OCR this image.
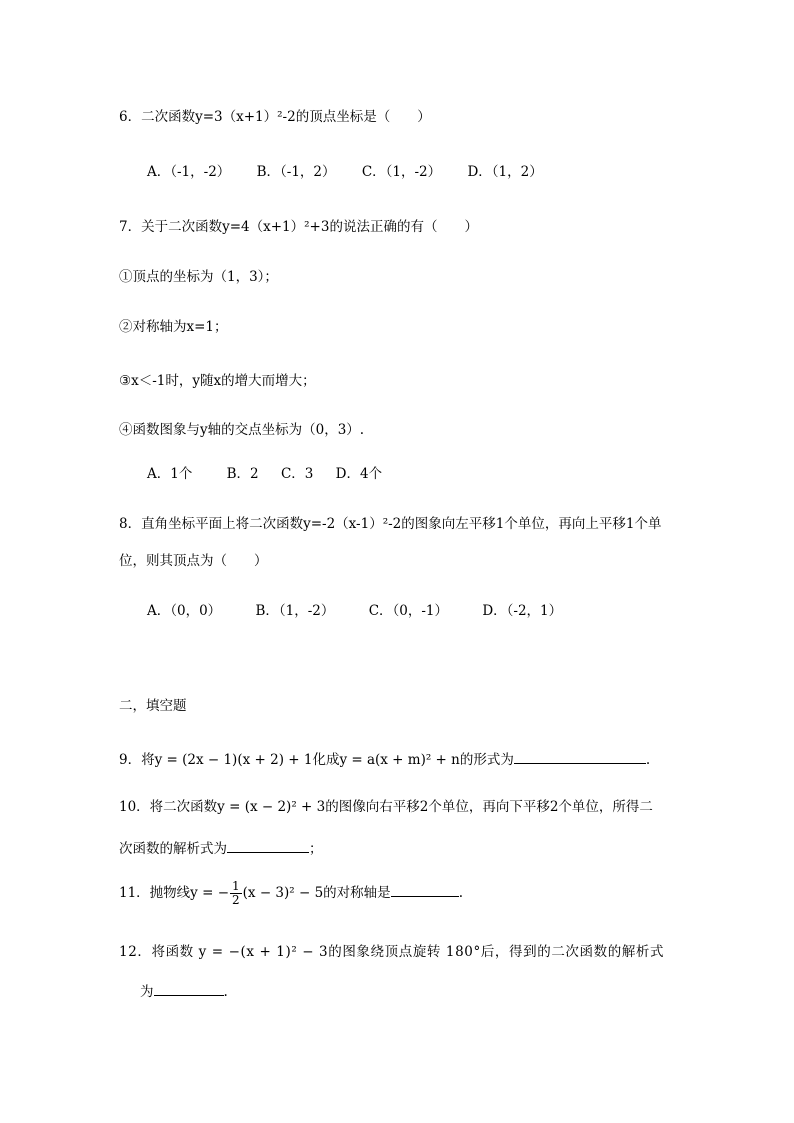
6．二次函数y=3（x+1）²-2的顶点坐标是（　　）
A．（-1，-2） B．（-1，2） C．（1，-2） D．（1，2）
7．关于二次函数y=4（x+1）²+3的说法正确的有（　　）
①顶点的坐标为（1，3）；
②对称轴为x=1；
③x＜-1时，y随x的增大而增大；
④函数图象与y轴的交点坐标为（0，3）.
A．1个	B．2 C．3 D．4个
8．直角坐标平面上将二次函数y=-2（x-1）²-2的图象向左平移1个单位，再向上平移1个单
位，则其顶点为（　　）
A．（0，0）	B．（1，-2）	C．（0，-1）	D．（-2，1）
二，填空题
9．将y = (2x − 1)(x + 2) + 1化成y = a(x + m)² + n的形式为	.
10．将二次函数y = (x − 2)² + 3的图像向右平移2个单位，再向下平移2个单位，所得二
次函数的解析式为	；
11．抛物线y = − $\frac{1}{2} (x - 3)^2 - 5$的对称轴是	.
12．将函数 y = −(x + 1)² − 3的图象绕顶点旋转 180°后，得到的二次函数的解析式
为	.
